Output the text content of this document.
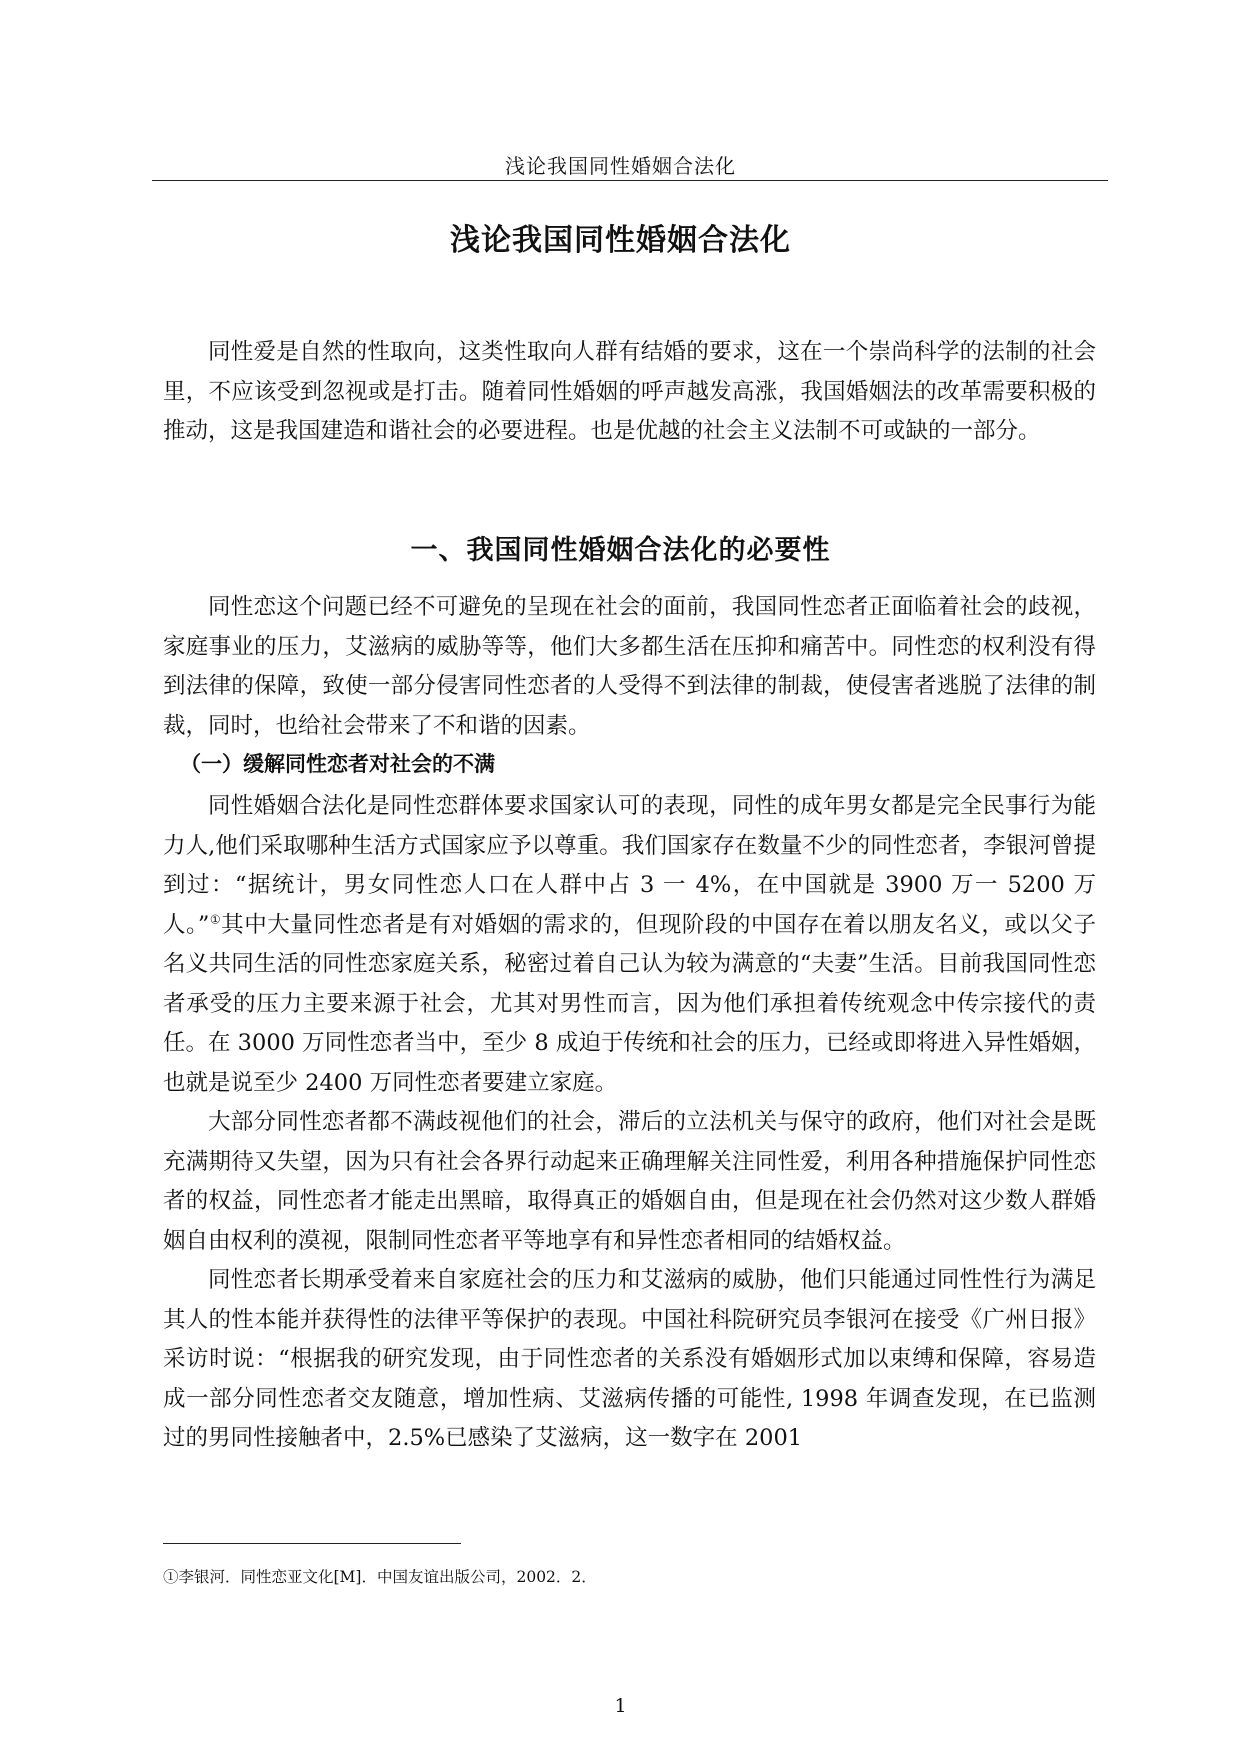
浅论我国同性婚姻合法化
浅论我国同性婚姻合法化

同性爱是自然的性取向，这类性取向人群有结婚的要求，这在一个崇尚科学的法制的社会里，不应该受到忽视或是打击。随着同性婚姻的呼声越发高涨，我国婚姻法的改革需要积极的推动，这是我国建造和谐社会的必要进程。也是优越的社会主义法制不可或缺的一部分。

一、我国同性婚姻合法化的必要性

同性恋这个问题已经不可避免的呈现在社会的面前，我国同性恋者正面临着社会的歧视，家庭事业的压力，艾滋病的威胁等等，他们大多都生活在压抑和痛苦中。同性恋的权利没有得到法律的保障，致使一部分侵害同性恋者的人受得不到法律的制裁，使侵害者逃脱了法律的制裁，同时，也给社会带来了不和谐的因素。

（一）缓解同性恋者对社会的不满

同性婚姻合法化是同性恋群体要求国家认可的表现，同性的成年男女都是完全民事行为能力人,他们采取哪种生活方式国家应予以尊重。我们国家存在数量不少的同性恋者，李银河曾提到过：“据统计，男女同性恋人口在人群中占 3 一 4%，在中国就是 3900 万一 5200 万人。”①其中大量同性恋者是有对婚姻的需求的，但现阶段的中国存在着以朋友名义，或以父子名义共同生活的同性恋家庭关系，秘密过着自己认为较为满意的“夫妻”生活。目前我国同性恋者承受的压力主要来源于社会，尤其对男性而言，因为他们承担着传统观念中传宗接代的责任。在 3000 万同性恋者当中，至少 8 成迫于传统和社会的压力，已经或即将进入异性婚姻，也就是说至少 2400 万同性恋者要建立家庭。

大部分同性恋者都不满歧视他们的社会，滞后的立法机关与保守的政府，他们对社会是既充满期待又失望，因为只有社会各界行动起来正确理解关注同性爱，利用各种措施保护同性恋者的权益，同性恋者才能走出黑暗，取得真正的婚姻自由，但是现在社会仍然对这少数人群婚姻自由权利的漠视，限制同性恋者平等地享有和异性恋者相同的结婚权益。

同性恋者长期承受着来自家庭社会的压力和艾滋病的威胁，他们只能通过同性性行为满足其人的性本能并获得性的法律平等保护的表现。中国社科院研究员李银河在接受《广州日报》采访时说：“根据我的研究发现，由于同性恋者的关系没有婚姻形式加以束缚和保障，容易造成一部分同性恋者交友随意，增加性病、艾滋病传播的可能性, 1998 年调查发现，在已监测过的男同性接触者中，2.5%已感染了艾滋病，这一数字在 2001

①李银河．同性恋亚文化[M]．中国友谊出版公司，2002．2．
1
